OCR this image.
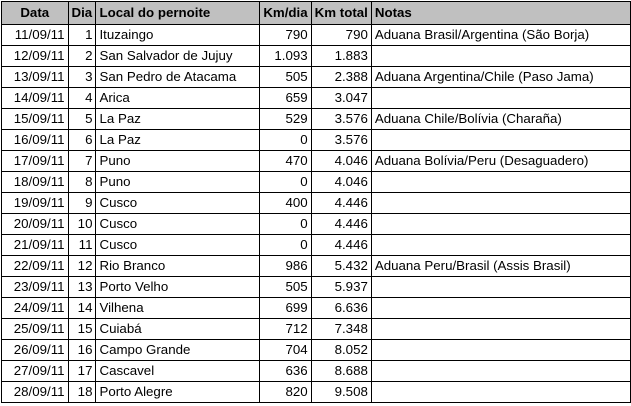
Data	Dia	Local do pernoite	Km/dia	Km total	Notas
11/09/11	1	Ituzaingo	790	790	Aduana Brasil/Argentina (São Borja)
12/09/11	2	San Salvador de Jujuy	1.093	1.883	
13/09/11	3	San Pedro de Atacama	505	2.388	Aduana Argentina/Chile (Paso Jama)
14/09/11	4	Arica	659	3.047	
15/09/11	5	La Paz	529	3.576	Aduana Chile/Bolívia (Charaña)
16/09/11	6	La Paz	0	3.576	
17/09/11	7	Puno	470	4.046	Aduana Bolívia/Peru (Desaguadero)
18/09/11	8	Puno	0	4.046	
19/09/11	9	Cusco	400	4.446	
20/09/11	10	Cusco	0	4.446	
21/09/11	11	Cusco	0	4.446	
22/09/11	12	Rio Branco	986	5.432	Aduana Peru/Brasil (Assis Brasil)
23/09/11	13	Porto Velho	505	5.937	
24/09/11	14	Vilhena	699	6.636	
25/09/11	15	Cuiabá	712	7.348	
26/09/11	16	Campo Grande	704	8.052	
27/09/11	17	Cascavel	636	8.688	
28/09/11	18	Porto Alegre	820	9.508	
